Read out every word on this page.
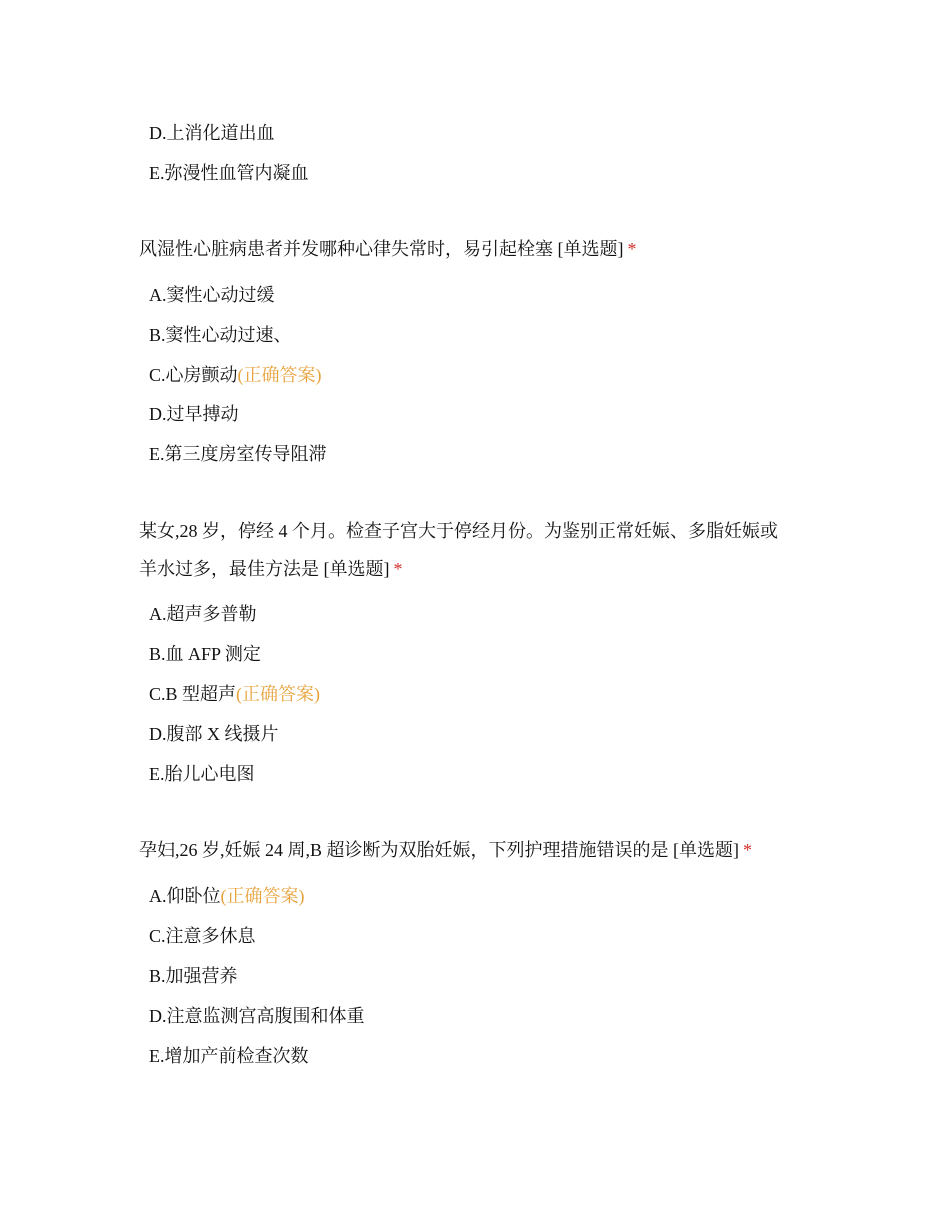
D.上消化道出血
E.弥漫性血管内凝血
风湿性心脏病患者并发哪种心律失常时，易引起栓塞 [单选题] *
A.窦性心动过缓
B.窦性心动过速、
C.心房颤动(正确答案)
D.过早搏动
E.第三度房室传导阻滞
某女,28 岁，停经 4 个月。检查子宫大于停经月份。为鉴别正常妊娠、多脂妊娠或
羊水过多，最佳方法是 [单选题] *
A.超声多普勒
B.血 AFP 测定
C.B 型超声(正确答案)
D.腹部 X 线摄片
E.胎儿心电图
孕妇,26 岁,妊娠 24 周,B 超诊断为双胎妊娠，下列护理措施错误的是 [单选题] *
A.仰卧位(正确答案)
C.注意多休息
B.加强营养
D.注意监测宫高腹围和体重
E.增加产前检查次数
